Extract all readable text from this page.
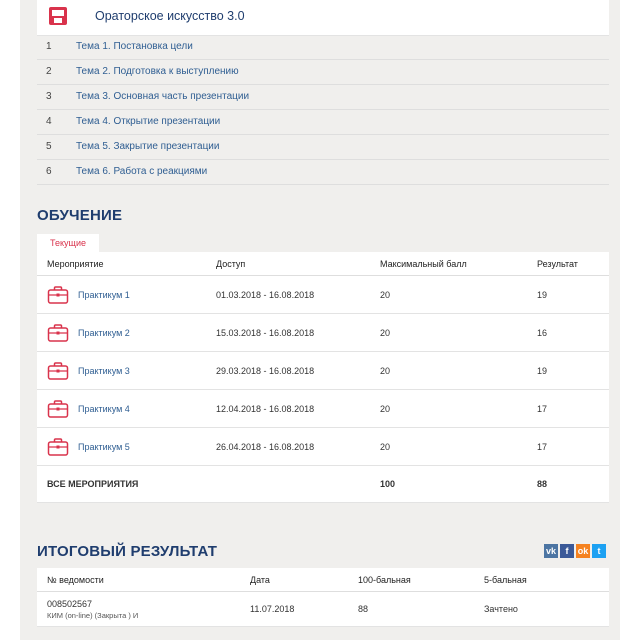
Ораторское искусство 3.0
1 Тема 1. Постановка цели
2 Тема 2. Подготовка к выступлению
3 Тема 3. Основная часть презентации
4 Тема 4. Открытие презентации
5 Тема 5. Закрытие презентации
6 Тема 6. Работа с реакциями
ОБУЧЕНИЕ
Текущие
Мероприятие	Доступ	Максимальный балл	Результат

Практикум 1	01.03.2018 - 16.08.2018	20	19

Практикум 2	15.03.2018 - 16.08.2018	20	16

Практикум 3	29.03.2018 - 16.08.2018	20	19

Практикум 4	12.04.2018 - 16.08.2018	20	17

Практикум 5	26.04.2018 - 16.08.2018	20	17
ВСЕ МЕРОПРИЯТИЯ		100	88
ИТОГОВЫЙ РЕЗУЛЬТАТ	vk	f	ok	t
№ ведомости	Дата	100-бальная	5-бальная
008502567
КИМ (on-line) (Закрыта ) И	11.07.2018	88	Зачтено
